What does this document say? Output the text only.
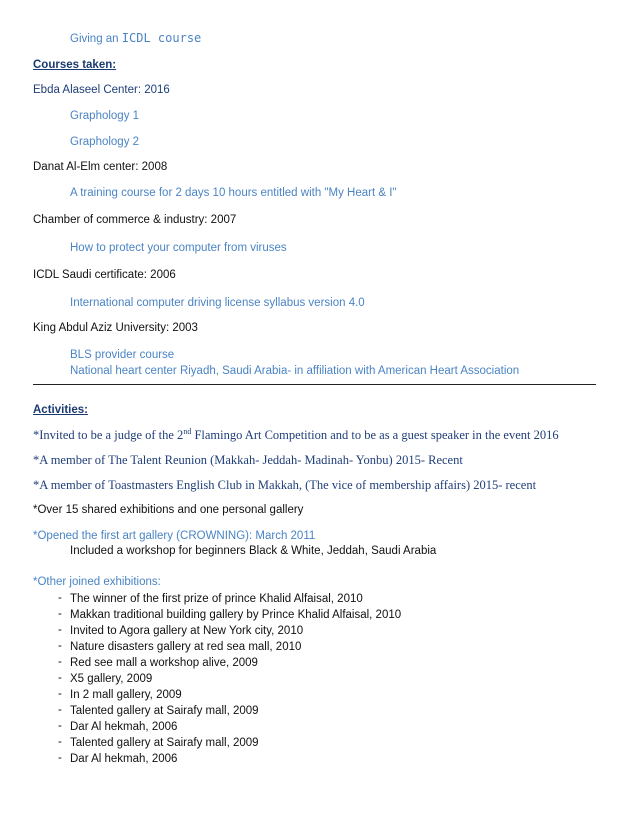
Giving an ICDL course
Courses taken:
Ebda Alaseel Center: 2016
Graphology 1
Graphology 2
Danat Al-Elm center: 2008
A training course for 2 days 10 hours entitled with "My Heart & I"
Chamber of commerce & industry: 2007
How to protect your computer from viruses
ICDL Saudi certificate: 2006
International computer driving license syllabus version 4.0
King Abdul Aziz University: 2003
BLS provider course
National heart center Riyadh, Saudi Arabia- in affiliation with American Heart Association
Activities:
*Invited to be a judge of the 2nd Flamingo Art Competition and to be as a guest speaker in the event 2016
*A member of The Talent Reunion (Makkah- Jeddah- Madinah- Yonbu) 2015- Recent
*A member of Toastmasters English Club in Makkah, (The vice of membership affairs) 2015- recent
*Over 15 shared exhibitions and one personal gallery
*Opened the first art gallery (CROWNING): March 2011
Included a workshop for beginners Black & White, Jeddah, Saudi Arabia
*Other joined exhibitions:
- The winner of the first prize of prince Khalid Alfaisal, 2010
- Makkan traditional building gallery by Prince Khalid Alfaisal, 2010
- Invited to Agora gallery at New York city, 2010
- Nature disasters gallery at red sea mall, 2010
- Red see mall a workshop alive, 2009
- X5 gallery, 2009
- In 2 mall gallery, 2009
- Talented gallery at Sairafy mall, 2009
- Dar Al hekmah, 2006
- Talented gallery at Sairafy mall, 2009
- Dar Al hekmah, 2006
